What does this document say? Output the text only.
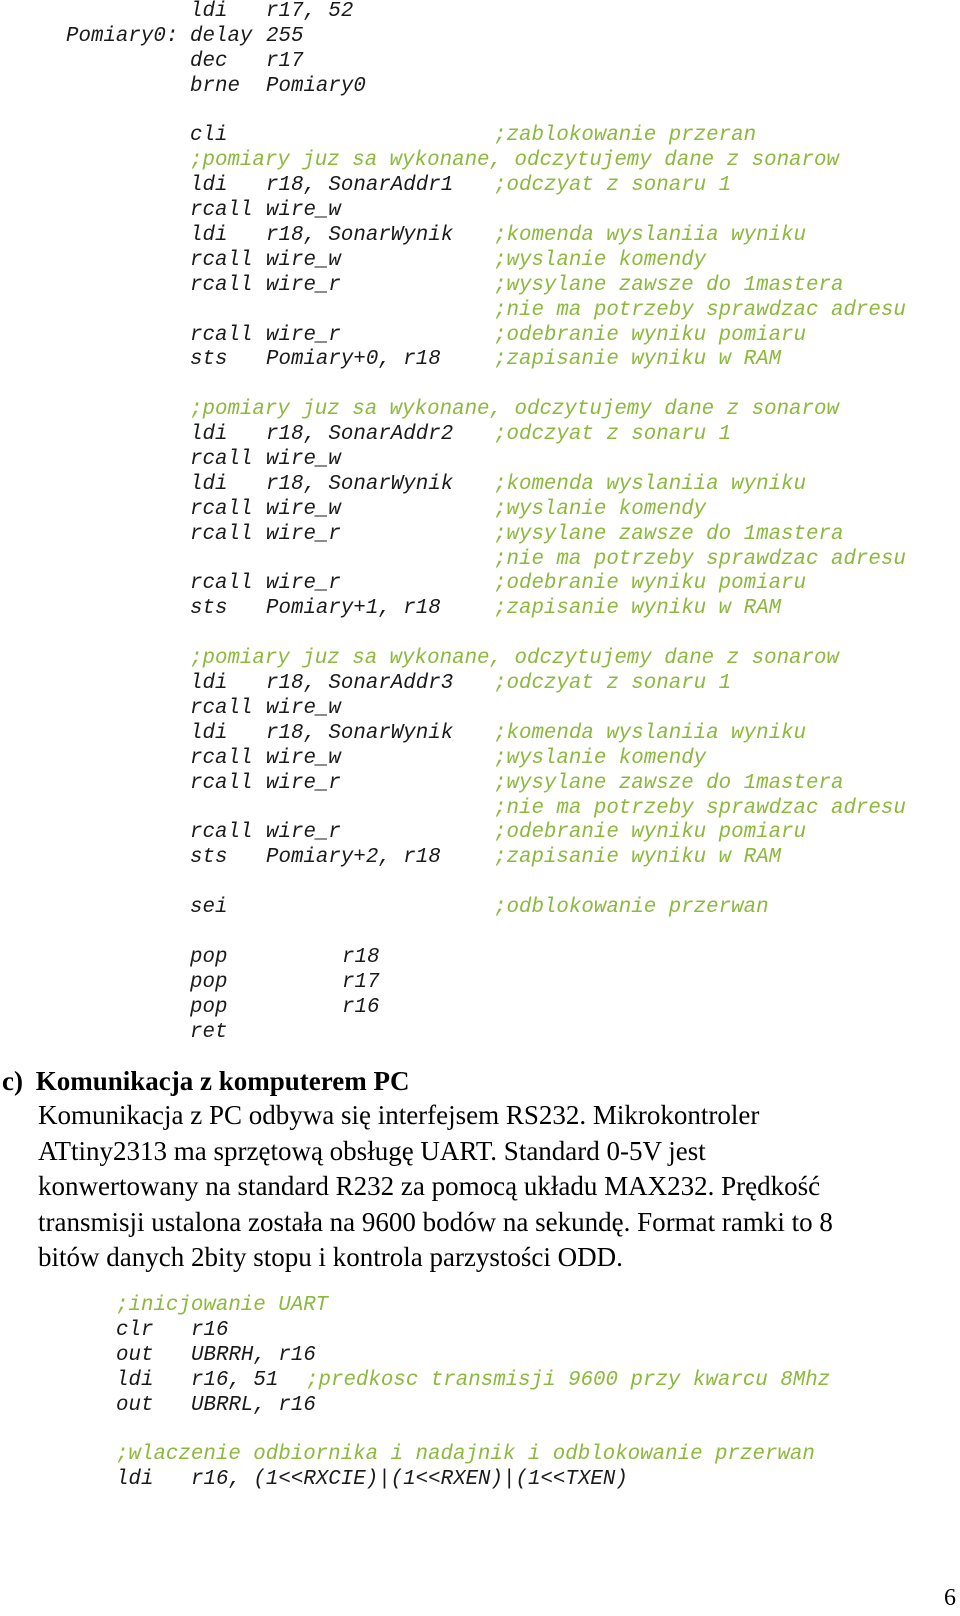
ldi r17, 52
Pomiary0: delay 255
dec r17
brne Pomiary0
cli	;zablokowanie przeran
;pomiary juz sa wykonane, odczytujemy dane z sonarow
ldi r18, SonarAddr1 ;odczyat z sonaru 1
rcall wire_w
ldi r18, SonarWynik ;komenda wyslaniia wyniku
rcall wire_w	;wyslanie komendy
rcall wire_r	;wysylane zawsze do 1mastera
;nie ma potrzeby sprawdzac adresu
rcall wire_r	;odebranie wyniku pomiaru
sts Pomiary+0, r18	;zapisanie wyniku w RAM
;pomiary juz sa wykonane, odczytujemy dane z sonarow
ldi r18, SonarAddr2 ;odczyat z sonaru 1
rcall wire_w
ldi r18, SonarWynik ;komenda wyslaniia wyniku
rcall wire_w	;wyslanie komendy
rcall wire_r	;wysylane zawsze do 1mastera
;nie ma potrzeby sprawdzac adresu
rcall wire_r	;odebranie wyniku pomiaru
sts Pomiary+1, r18	;zapisanie wyniku w RAM
;pomiary juz sa wykonane, odczytujemy dane z sonarow
ldi r18, SonarAddr3 ;odczyat z sonaru 1
rcall wire_w
ldi r18, SonarWynik ;komenda wyslaniia wyniku
rcall wire_w	;wyslanie komendy
rcall wire_r	;wysylane zawsze do 1mastera
;nie ma potrzeby sprawdzac adresu
rcall wire_r	;odebranie wyniku pomiaru
sts Pomiary+2, r18	;zapisanie wyniku w RAM
sei	;odblokowanie przerwan
pop	r18
pop	r17
pop	r16
ret
c) Komunikacja z komputerem PC
Komunikacja z PC odbywa się interfejsem RS232. Mikrokontroler
ATtiny2313 ma sprzętową obsługę UART. Standard 0-5V jest
konwertowany na standard R232 za pomocą układu MAX232. Prędkość
transmisji ustalona została na 9600 bodów na sekundę. Format ramki to 8
bitów danych 2bity stopu i kontrola parzystości ODD.
;inicjowanie UART
clr r16
out UBRRH, r16
ldi r16, 51 ;predkosc transmisji 9600 przy kwarcu 8Mhz
out UBRRL, r16
;wlaczenie odbiornika i nadajnik i odblokowanie przerwan
ldi r16, (1<<RXCIE)|(1<<RXEN)|(1<<TXEN)
6
